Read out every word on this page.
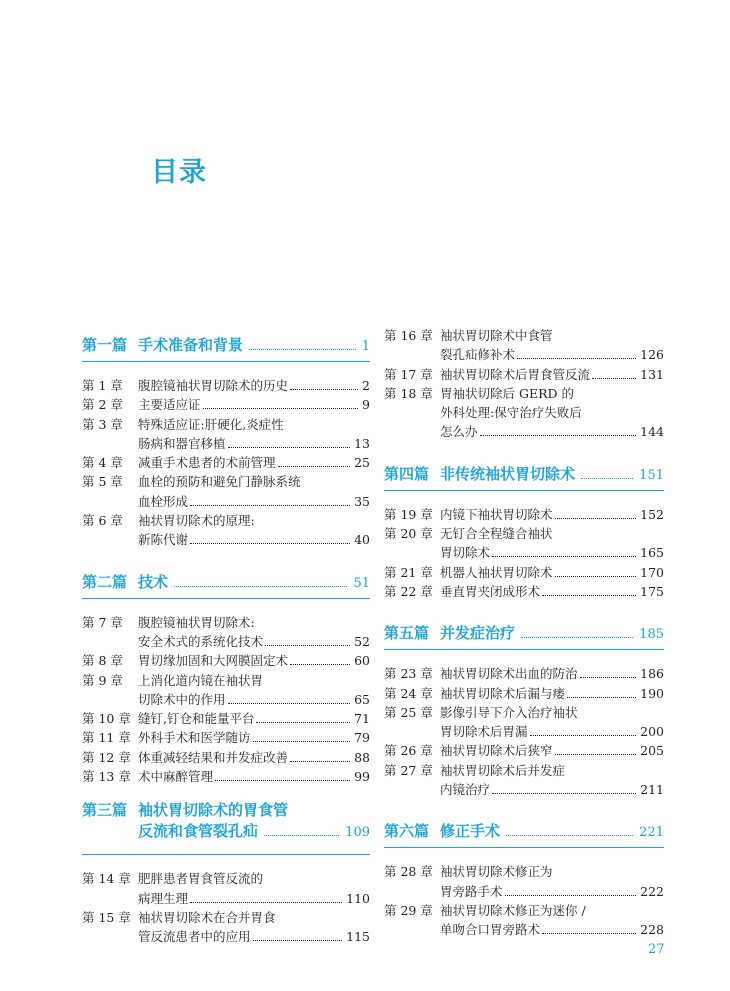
目录
第一篇 手术准备和背景	1
第 1 章	腹腔镜袖状胃切除术的历史	2
第 2 章	主要适应证	9
第 3 章	特殊适应证:肝硬化,炎症性
肠病和器官移植	13
第 4 章	减重手术患者的术前管理	25
第 5 章	血栓的预防和避免门静脉系统
血栓形成	35
第 6 章	袖状胃切除术的原理:
新陈代谢	40
第二篇 技术	51
第 7 章	腹腔镜袖状胃切除术:
安全术式的系统化技术	52
第 8 章	胃切缘加固和大网膜固定术	60
第 9 章	上消化道内镜在袖状胃
切除术中的作用	65
第 10 章 缝钉,钉仓和能量平台	71
第 11 章 外科手术和医学随访	79
第 12 章 体重减轻结果和并发症改善	88
第 13 章 术中麻醉管理	99
第三篇 袖状胃切除术的胃食管
反流和食管裂孔疝	109
第 14 章 肥胖患者胃食管反流的
病理生理	110
第 15 章 袖状胃切除术在合并胃食
管反流患者中的应用	115
第 16 章 袖状胃切除术中食管
裂孔疝修补术	126
第 17 章 袖状胃切除术后胃食管反流	131
第 18 章 胃袖状切除后 GERD 的
外科处理:保守治疗失败后
怎么办	144
第四篇 非传统袖状胃切除术	151
第 19 章 内镜下袖状胃切除术	152
第 20 章 无钉合全程缝合袖状
胃切除术	165
第 21 章 机器人袖状胃切除术	170
第 22 章 垂直胃夹闭成形术	175
第五篇 并发症治疗	185
第 23 章 袖状胃切除术出血的防治	186
第 24 章 袖状胃切除术后漏与瘘	190
第 25 章 影像引导下介入治疗袖状
胃切除术后胃漏	200
第 26 章 袖状胃切除术后狭窄	205
第 27 章 袖状胃切除术后并发症
内镜治疗	211
第六篇 修正手术	221
第 28 章 袖状胃切除术修正为
胃旁路手术	222
第 29 章 袖状胃切除术修正为迷你 /
单吻合口胃旁路术	228
27
